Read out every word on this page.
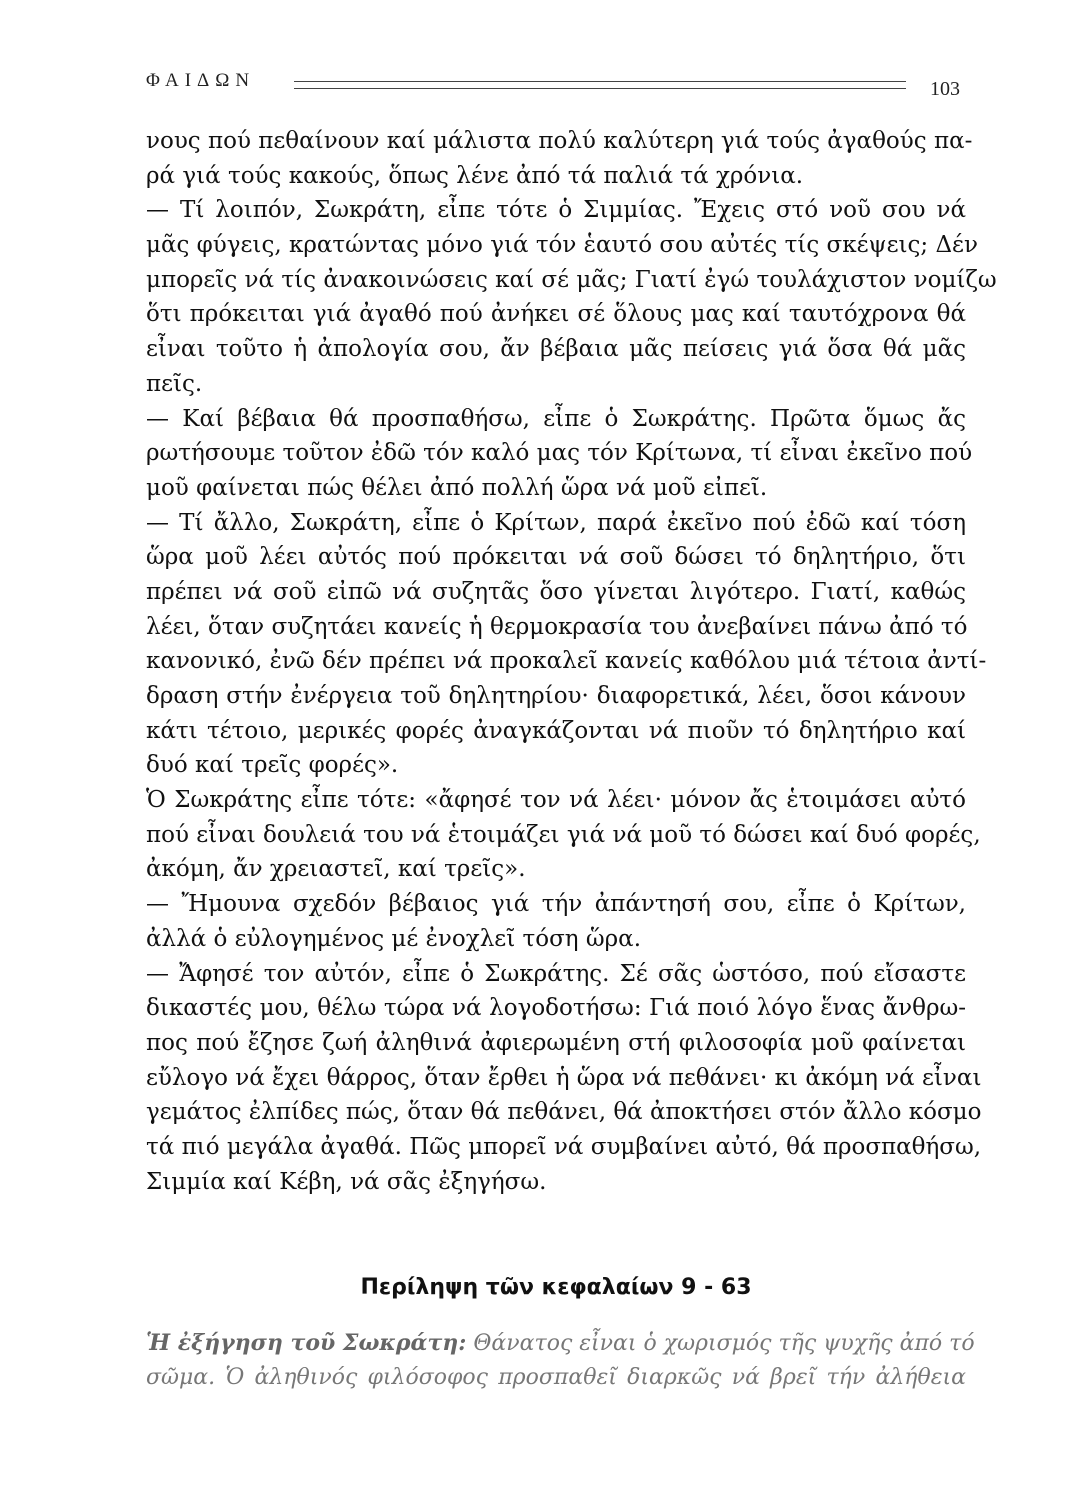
ΦΑΙΔΩΝ	103
νους πού πεθαίνουν καί μάλιστα πολύ καλύτερη γιά τούς ἀγαθούς πα-
ρά γιά τούς κακούς, ὅπως λένε ἀπό τά παλιά τά χρόνια.
— Τί λοιπόν, Σωκράτη, εἶπε τότε ὁ Σιμμίας. Ἔχεις στό νοῦ σου νά
μᾶς φύγεις, κρατώντας μόνο γιά τόν ἑαυτό σου αὐτές τίς σκέψεις; Δέν
μπορεῖς νά τίς ἀνακοινώσεις καί σέ μᾶς; Γιατί ἐγώ τουλάχιστον νομίζω
ὅτι πρόκειται γιά ἀγαθό πού ἀνήκει σέ ὅλους μας καί ταυτόχρονα θά
εἶναι τοῦτο ἡ ἀπολογία σου, ἄν βέβαια μᾶς πείσεις γιά ὅσα θά μᾶς
πεῖς.
— Καί βέβαια θά προσπαθήσω, εἶπε ὁ Σωκράτης. Πρῶτα ὅμως ἄς
ρωτήσουμε τοῦτον ἐδῶ τόν καλό μας τόν Κρίτωνα, τί εἶναι ἐκεῖνο πού
μοῦ φαίνεται πώς θέλει ἀπό πολλή ὥρα νά μοῦ εἰπεῖ.
— Τί ἄλλο, Σωκράτη, εἶπε ὁ Κρίτων, παρά ἐκεῖνο πού ἐδῶ καί τόση
ὥρα μοῦ λέει αὐτός πού πρόκειται νά σοῦ δώσει τό δηλητήριο, ὅτι
πρέπει νά σοῦ εἰπῶ νά συζητᾶς ὅσο γίνεται λιγότερο. Γιατί, καθώς
λέει, ὅταν συζητάει κανείς ἡ θερμοκρασία του ἀνεβαίνει πάνω ἀπό τό
κανονικό, ἐνῶ δέν πρέπει νά προκαλεῖ κανείς καθόλου μιά τέτοια ἀντί-
δραση στήν ἐνέργεια τοῦ δηλητηρίου· διαφορετικά, λέει, ὅσοι κάνουν
κάτι τέτοιο, μερικές φορές ἀναγκάζονται νά πιοῦν τό δηλητήριο καί
δυό καί τρεῖς φορές».
Ὁ Σωκράτης εἶπε τότε: «ἄφησέ τον νά λέει· μόνον ἄς ἑτοιμάσει αὐτό
πού εἶναι δουλειά του νά ἑτοιμάζει γιά νά μοῦ τό δώσει καί δυό φορές,
ἀκόμη, ἄν χρειαστεῖ, καί τρεῖς».
— Ἤμουνα σχεδόν βέβαιος γιά τήν ἀπάντησή σου, εἶπε ὁ Κρίτων,
ἀλλά ὁ εὐλογημένος μέ ἐνοχλεῖ τόση ὥρα.
— Ἄφησέ τον αὐτόν, εἶπε ὁ Σωκράτης. Σέ σᾶς ὡστόσο, πού εἴσαστε
δικαστές μου, θέλω τώρα νά λογοδοτήσω: Γιά ποιό λόγο ἕνας ἄνθρω-
πος πού ἔζησε ζωή ἀληθινά ἀφιερωμένη στή φιλοσοφία μοῦ φαίνεται
εὔλογο νά ἔχει θάρρος, ὅταν ἔρθει ἡ ὥρα νά πεθάνει· κι ἀκόμη νά εἶναι
γεμάτος ἐλπίδες πώς, ὅταν θά πεθάνει, θά ἀποκτήσει στόν ἄλλο κόσμο
τά πιό μεγάλα ἀγαθά. Πῶς μπορεῖ νά συμβαίνει αὐτό, θά προσπαθήσω,
Σιμμία καί Κέβη, νά σᾶς ἐξηγήσω.
Περίληψη τῶν κεφαλαίων 9 - 63
Ἡ ἐξήγηση τοῦ Σωκράτη: Θάνατος εἶναι ὁ χωρισμός τῆς ψυχῆς ἀπό τό
σῶμα. Ὁ ἀληθινός φιλόσοφος προσπαθεῖ διαρκῶς νά βρεῖ τήν ἀλήθεια
